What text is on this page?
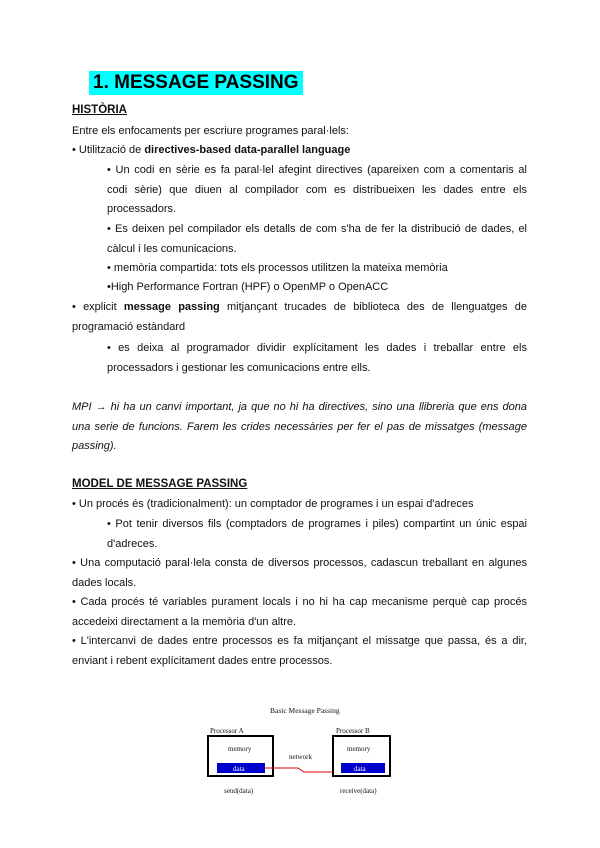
1. MESSAGE PASSING
HISTÒRIA
Entre els enfocaments per escriure programes paral·lels:
• Utilització de directives-based data-parallel language
• Un codi en sèrie es fa paral·lel afegint directives (apareixen com a comentaris al codi sèrie) que diuen al compilador com es distribueixen les dades entre els processadors.
• Es deixen pel compilador els detalls de com s'ha de fer la distribució de dades, el càlcul i les comunicacions.
• memòria compartida: tots els processos utilitzen la mateixa memòria
•High Performance Fortran (HPF) o OpenMP o OpenACC
• explicit message passing mitjançant trucades de biblioteca des de llenguatges de programació estàndard
• es deixa al programador dividir explícitament les dades i treballar entre els processadors i gestionar les comunicacions entre ells.
MPI → hi ha un canvi important, ja que no hi ha directives, sino una llibreria que ens dona una serie de funcions. Farem les crides necessàries per fer el pas de missatges (message passing).
MODEL DE MESSAGE PASSING
• Un procés és (tradicionalment): un comptador de programes i un espai d'adreces
• Pot tenir diversos fils (comptadors de programes i piles) compartint un únic espai d'adreces.
• Una computació paral·lela consta de diversos processos, cadascun treballant en algunes dades locals.
• Cada procés té variables purament locals i no hi ha cap mecanisme perquè cap procés accedeixi directament a la memòria d'un altre.
• L'intercanvi de dades entre processos es fa mitjançant el missatge que passa, és a dir, enviant i rebent explícitament dades entre processos.
Basic Message Passing
Processor A	Processor B
memory
data
memory
data
network
send(data)	receive(data)
